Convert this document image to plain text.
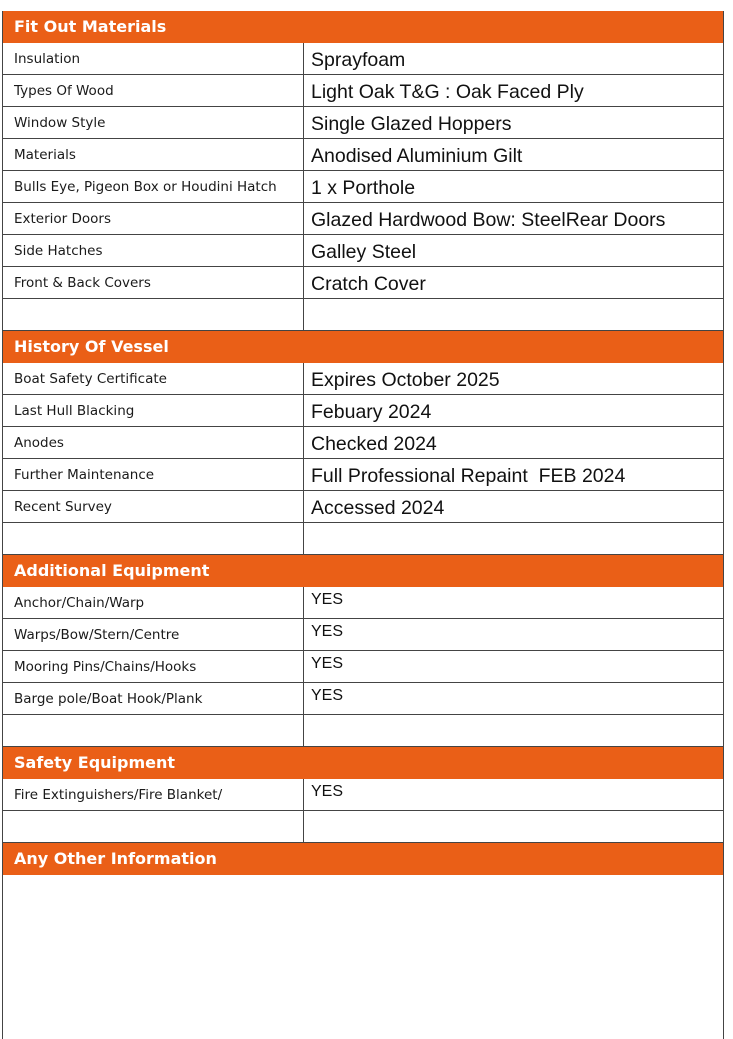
Fit Out Materials
Insulation	Sprayfoam
Types Of Wood	Light Oak T&G : Oak Faced Ply
Window Style	Single Glazed Hoppers
Materials	Anodised Aluminium Gilt
Bulls Eye, Pigeon Box or Houdini Hatch	1 x Porthole
Exterior Doors	Glazed Hardwood Bow: SteelRear Doors
Side Hatches	Galley Steel
Front & Back Covers	Cratch Cover
History Of Vessel
Boat Safety Certificate	Expires October 2025
Last Hull Blacking	Febuary 2024
Anodes	Checked 2024
Further Maintenance	Full Professional Repaint  FEB 2024
Recent Survey	Accessed 2024
Additional Equipment
Anchor/Chain/Warp	YES
Warps/Bow/Stern/Centre	YES
Mooring Pins/Chains/Hooks	YES
Barge pole/Boat Hook/Plank	YES
Safety Equipment
Fire Extinguishers/Fire Blanket/	YES
Any Other Information
